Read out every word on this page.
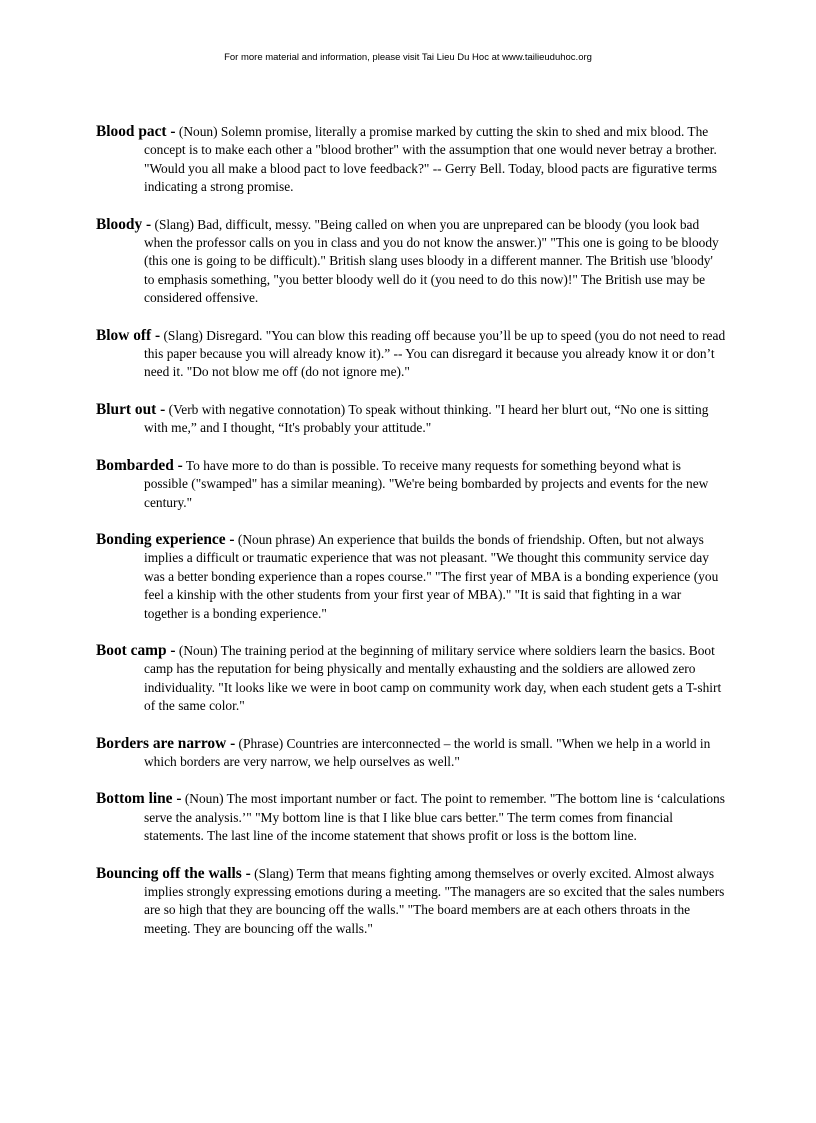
For more material and information, please visit Tai Lieu Du Hoc at www.tailieuduhoc.org

Blood pact - (Noun) Solemn promise, literally a promise marked by cutting the skin to shed and mix blood. The concept is to make each other a "blood brother" with the assumption that one would never betray a brother. "Would you all make a blood pact to love feedback?" -- Gerry Bell. Today, blood pacts are figurative terms indicating a strong promise.

Bloody - (Slang) Bad, difficult, messy. "Being called on when you are unprepared can be bloody (you look bad when the professor calls on you in class and you do not know the answer.)" "This one is going to be bloody (this one is going to be difficult)." British slang uses bloody in a different manner. The British use 'bloody' to emphasis something, "you better bloody well do it (you need to do this now)!" The British use may be considered offensive.

Blow off - (Slang) Disregard. "You can blow this reading off because you’ll be up to speed (you do not need to read this paper because you will already know it).” -- You can disregard it because you already know it or don’t need it. "Do not blow me off (do not ignore me)."

Blurt out - (Verb with negative connotation) To speak without thinking. "I heard her blurt out, “No one is sitting with me,” and I thought, “It's probably your attitude."

Bombarded - To have more to do than is possible. To receive many requests for something beyond what is possible ("swamped" has a similar meaning). "We're being bombarded by projects and events for the new century."

Bonding experience - (Noun phrase) An experience that builds the bonds of friendship. Often, but not always implies a difficult or traumatic experience that was not pleasant. "We thought this community service day was a better bonding experience than a ropes course." "The first year of MBA is a bonding experience (you feel a kinship with the other students from your first year of MBA)." "It is said that fighting in a war together is a bonding experience."

Boot camp - (Noun) The training period at the beginning of military service where soldiers learn the basics. Boot camp has the reputation for being physically and mentally exhausting and the soldiers are allowed zero individuality. "It looks like we were in boot camp on community work day, when each student gets a T-shirt of the same color."

Borders are narrow - (Phrase) Countries are interconnected – the world is small. "When we help in a world in which borders are very narrow, we help ourselves as well."

Bottom line - (Noun) The most important number or fact. The point to remember. "The bottom line is ‘calculations serve the analysis.’" "My bottom line is that I like blue cars better." The term comes from financial statements. The last line of the income statement that shows profit or loss is the bottom line.

Bouncing off the walls - (Slang) Term that means fighting among themselves or overly excited. Almost always implies strongly expressing emotions during a meeting. "The managers are so excited that the sales numbers are so high that they are bouncing off the walls." "The board members are at each others throats in the meeting. They are bouncing off the walls."
